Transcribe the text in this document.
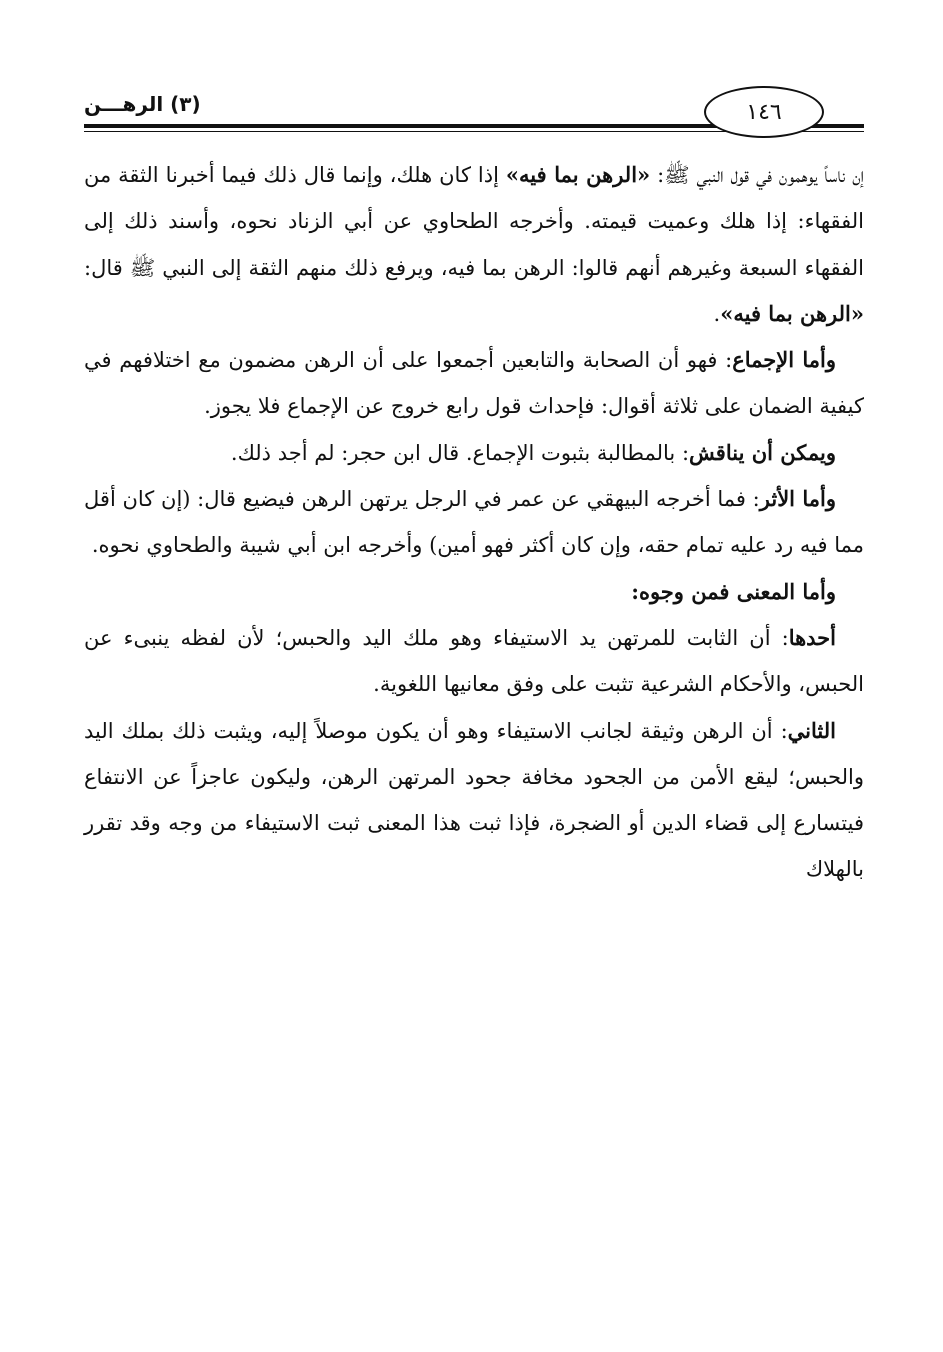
١٤٦
(٣) الرهـــن

إن ناساً يوهمون في قول النبي ﷺ: «الرهن بما فيه» إذا كان هلك، وإنما قال ذلك فيما أخبرنا الثقة من الفقهاء: إذا هلك وعميت قيمته. وأخرجه الطحاوي عن أبي الزناد نحوه، وأسند ذلك إلى الفقهاء السبعة وغيرهم أنهم قالوا: الرهن بما فيه، ويرفع ذلك منهم الثقة إلى النبي ﷺ قال: «الرهن بما فيه».

وأما الإجماع: فهو أن الصحابة والتابعين أجمعوا على أن الرهن مضمون مع اختلافهم في كيفية الضمان على ثلاثة أقوال: فإحداث قول رابع خروج عن الإجماع فلا يجوز.

ويمكن أن يناقش: بالمطالبة بثبوت الإجماع. قال ابن حجر: لم أجد ذلك.

وأما الأثر: فما أخرجه البيهقي عن عمر في الرجل يرتهن الرهن فيضيع قال: (إن كان أقل مما فيه رد عليه تمام حقه، وإن كان أكثر فهو أمين) وأخرجه ابن أبي شيبة والطحاوي نحوه.

وأما المعنى فمن وجوه:

أحدها: أن الثابت للمرتهن يد الاستيفاء وهو ملك اليد والحبس؛ لأن لفظه ينبىء عن الحبس، والأحكام الشرعية تثبت على وفق معانيها اللغوية.

الثاني: أن الرهن وثيقة لجانب الاستيفاء وهو أن يكون موصلاً إليه، ويثبت ذلك بملك اليد والحبس؛ ليقع الأمن من الجحود مخافة جحود المرتهن الرهن، وليكون عاجزاً عن الانتفاع فيتسارع إلى قضاء الدين أو الضجرة، فإذا ثبت هذا المعنى ثبت الاستيفاء من وجه وقد تقرر بالهلاك
